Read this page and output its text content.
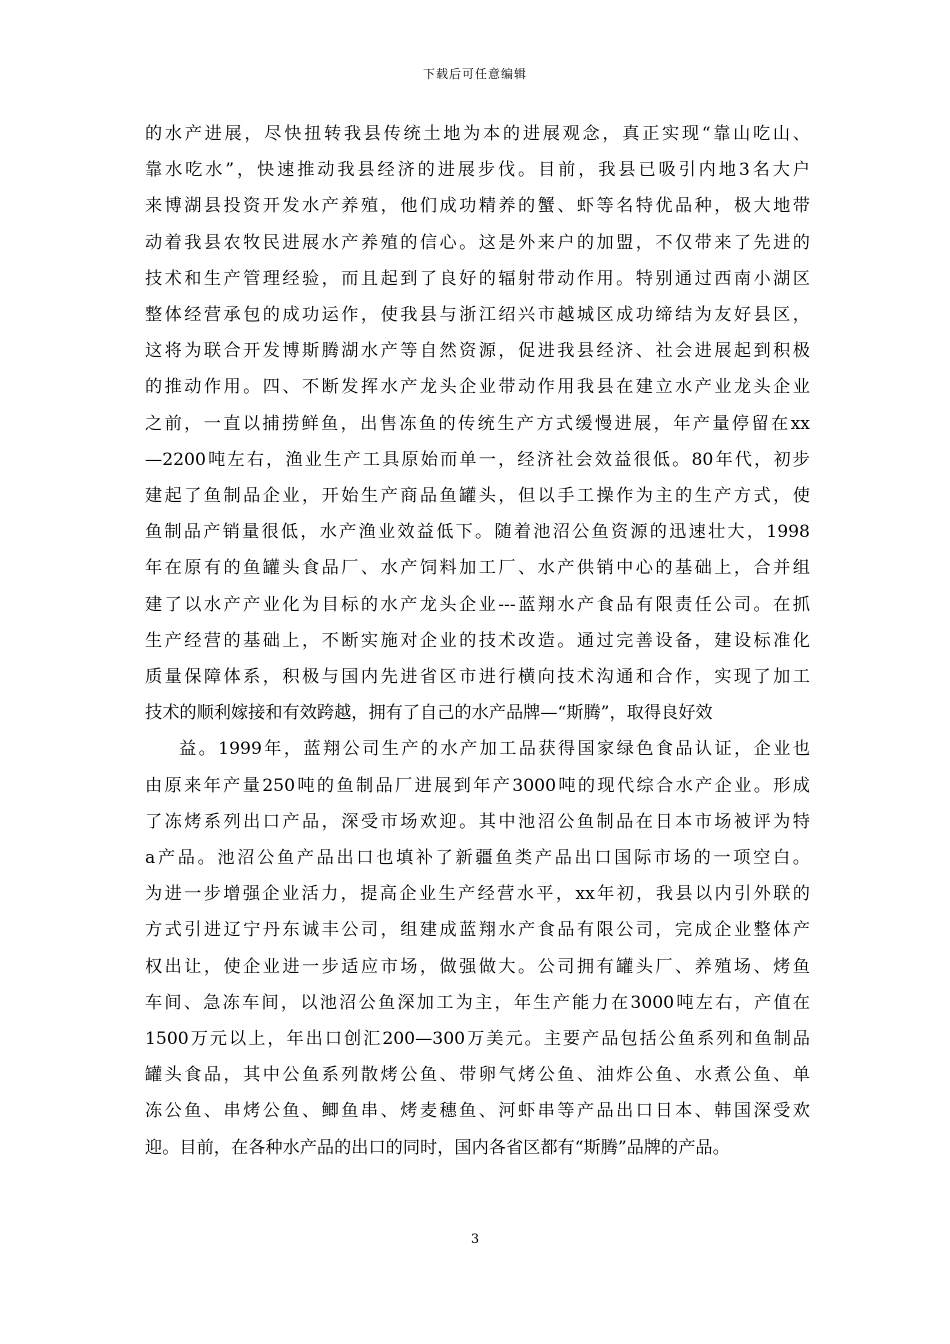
下载后可任意编辑

的水产进展，尽快扭转我县传统土地为本的进展观念，真正实现“靠山吃山、

靠水吃水”，快速推动我县经济的进展步伐。目前，我县已吸引内地3名大户

来博湖县投资开发水产养殖，他们成功精养的蟹、虾等名特优品种，极大地带

动着我县农牧民进展水产养殖的信心。这是外来户的加盟，不仅带来了先进的

技术和生产管理经验，而且起到了良好的辐射带动作用。特别通过西南小湖区

整体经营承包的成功运作，使我县与浙江绍兴市越城区成功缔结为友好县区，

这将为联合开发博斯腾湖水产等自然资源，促进我县经济、社会进展起到积极

的推动作用。四、不断发挥水产龙头企业带动作用我县在建立水产业龙头企业

之前，一直以捕捞鲜鱼，出售冻鱼的传统生产方式缓慢进展，年产量停留在xx

—2200吨左右，渔业生产工具原始而单一，经济社会效益很低。80年代，初步

建起了鱼制品企业，开始生产商品鱼罐头，但以手工操作为主的生产方式，使

鱼制品产销量很低，水产渔业效益低下。随着池沼公鱼资源的迅速壮大，1998

年在原有的鱼罐头食品厂、水产饲料加工厂、水产供销中心的基础上，合并组

建了以水产产业化为目标的水产龙头企业---蓝翔水产食品有限责任公司。在抓

生产经营的基础上，不断实施对企业的技术改造。通过完善设备，建设标准化

质量保障体系，积极与国内先进省区市进行横向技术沟通和合作，实现了加工

技术的顺利嫁接和有效跨越，拥有了自己的水产品牌—“斯腾”，取得良好效

益。1999年，蓝翔公司生产的水产加工品获得国家绿色食品认证，企业也

由原来年产量250吨的鱼制品厂进展到年产3000吨的现代综合水产企业。形成

了冻烤系列出口产品，深受市场欢迎。其中池沼公鱼制品在日本市场被评为特

a产品。池沼公鱼产品出口也填补了新疆鱼类产品出口国际市场的一项空白。

为进一步增强企业活力，提高企业生产经营水平，xx年初，我县以内引外联的

方式引进辽宁丹东诚丰公司，组建成蓝翔水产食品有限公司，完成企业整体产

权出让，使企业进一步适应市场，做强做大。公司拥有罐头厂、养殖场、烤鱼

车间、急冻车间，以池沼公鱼深加工为主，年生产能力在3000吨左右，产值在

1500万元以上，年出口创汇200—300万美元。主要产品包括公鱼系列和鱼制品

罐头食品，其中公鱼系列散烤公鱼、带卵气烤公鱼、油炸公鱼、水煮公鱼、单

冻公鱼、串烤公鱼、鲫鱼串、烤麦穗鱼、河虾串等产品出口日本、韩国深受欢

迎。目前，在各种水产品的出口的同时，国内各省区都有“斯腾”品牌的产品。

3
